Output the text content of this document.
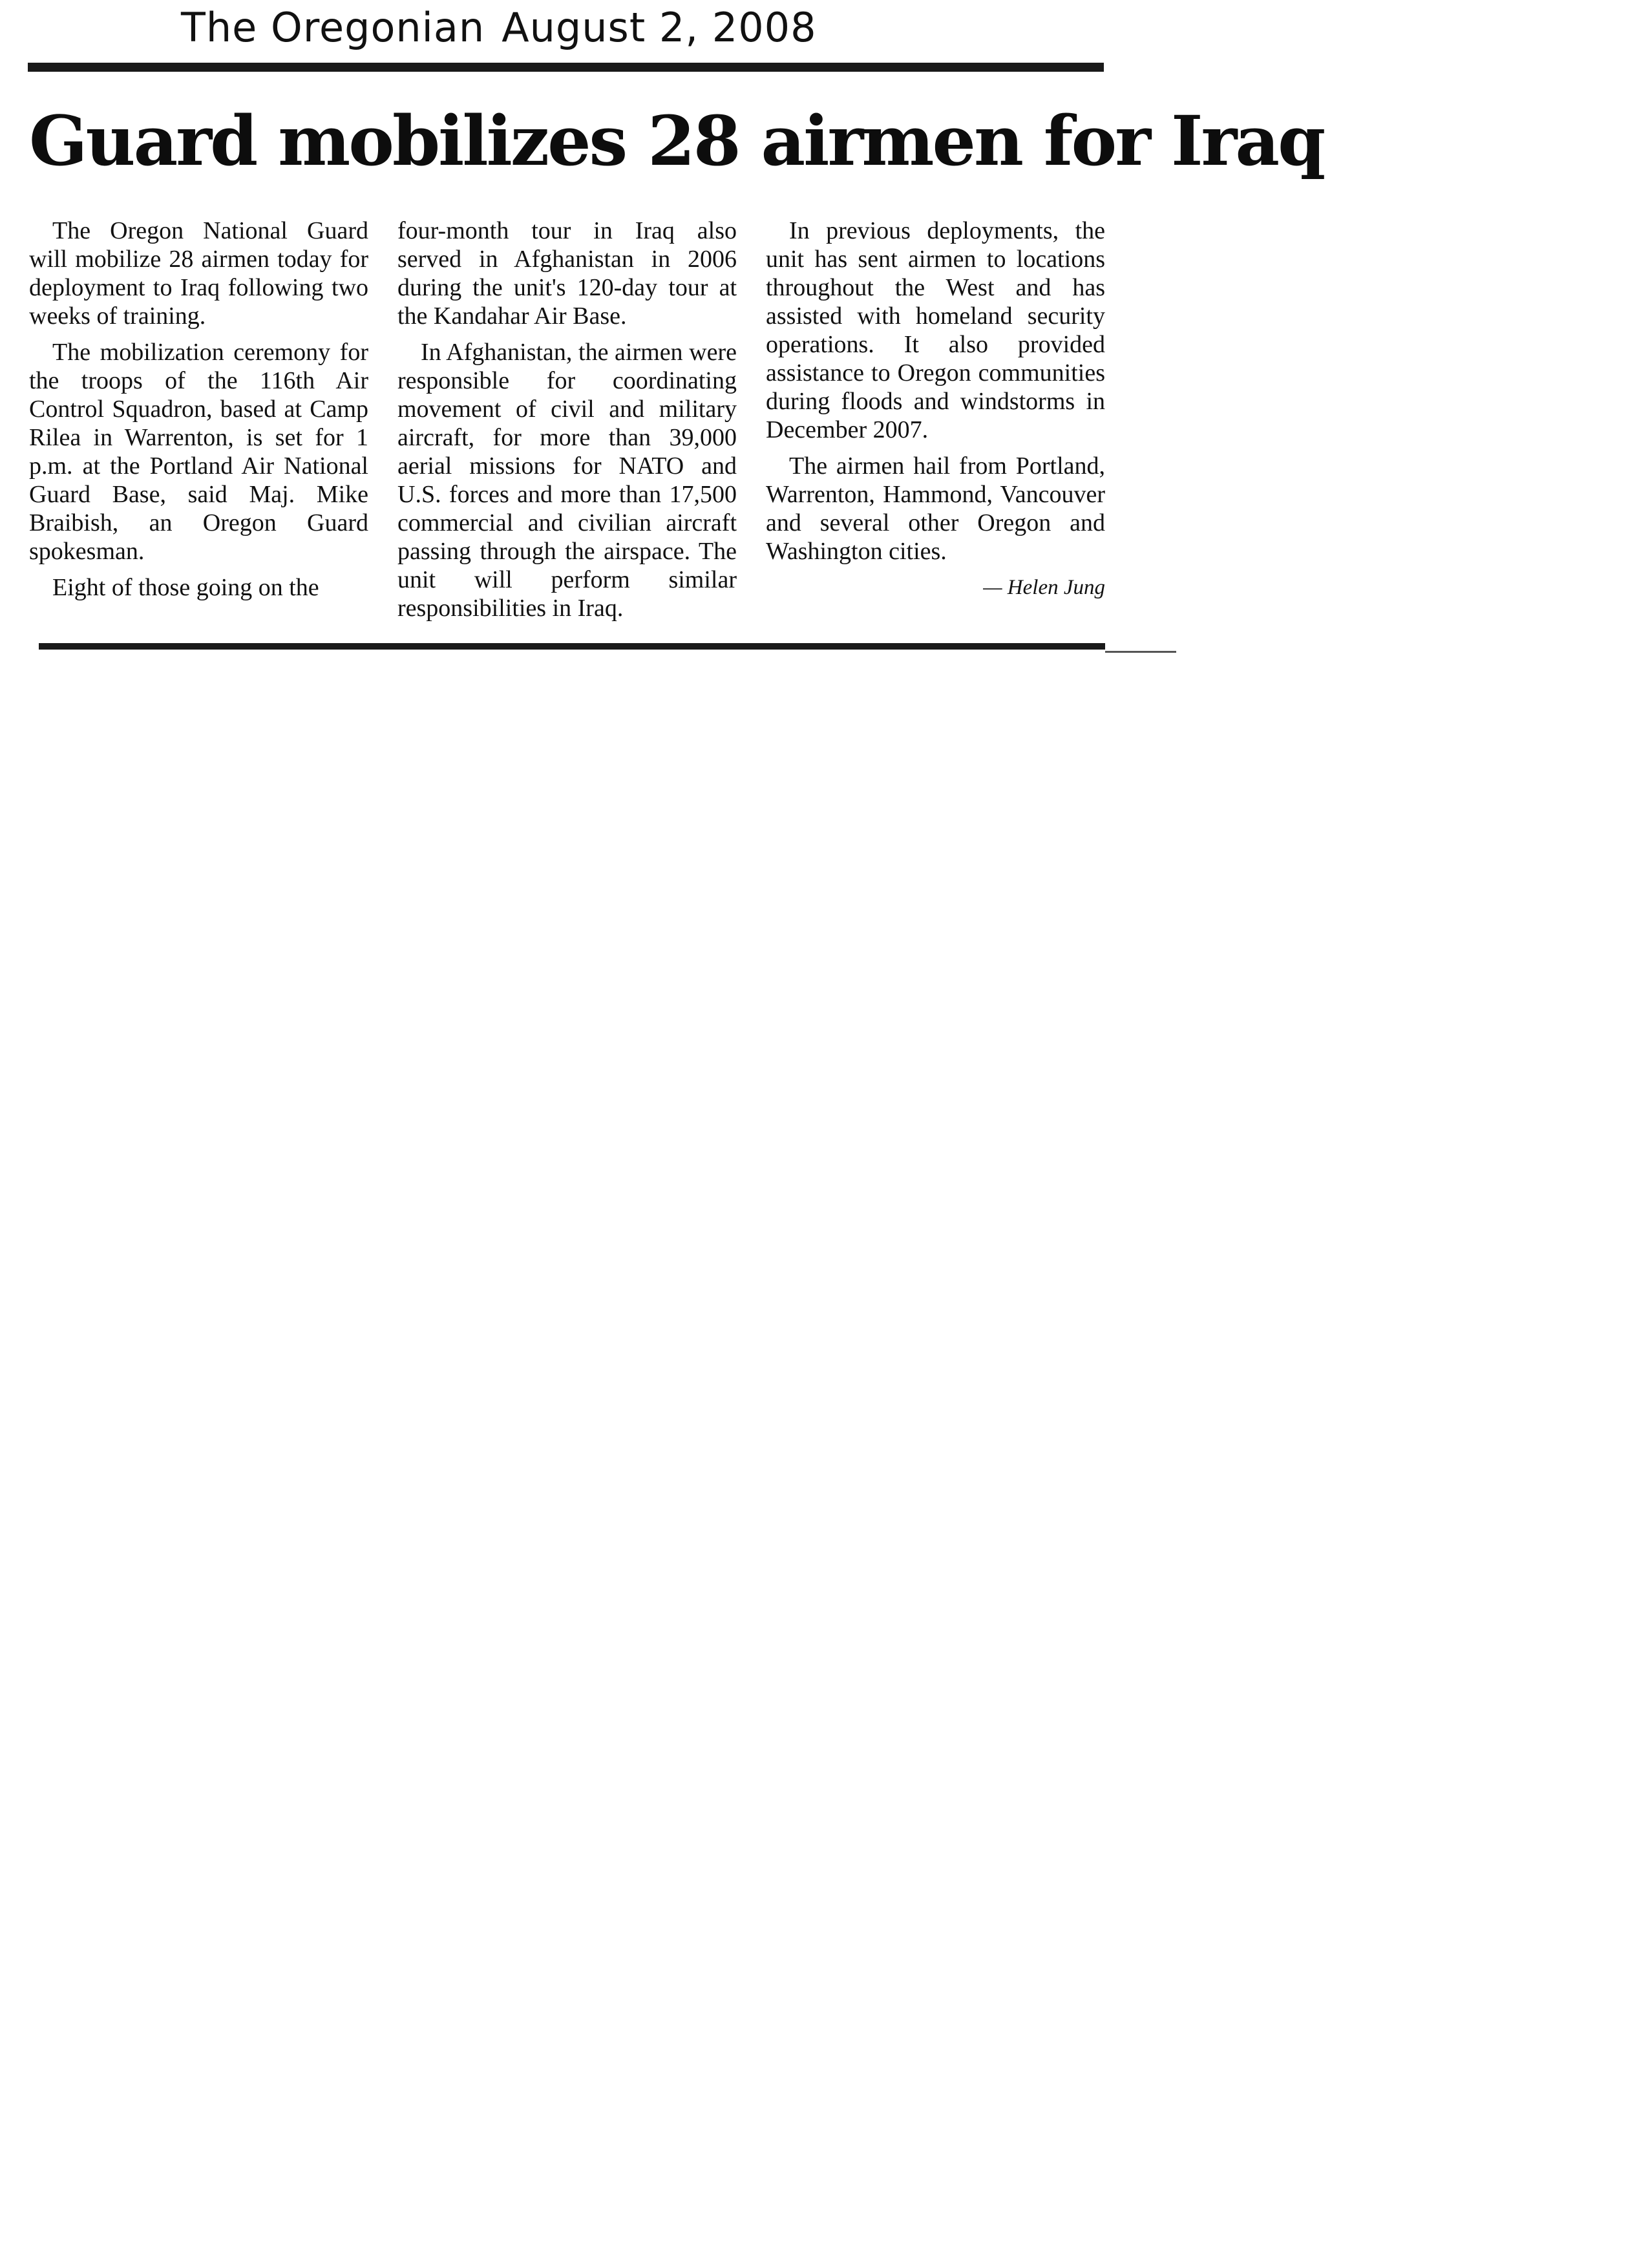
The Oregonian August 2, 2008
Guard mobilizes 28 airmen for Iraq

The Oregon National Guard will mobilize 28 airmen today for deployment to Iraq following two weeks of training.

The mobilization ceremony for the troops of the 116th Air Control Squadron, based at Camp Rilea in Warrenton, is set for 1 p.m. at the Portland Air National Guard Base, said Maj. Mike Braibish, an Oregon Guard spokesman.

Eight of those going on the

four-month tour in Iraq also served in Afghanistan in 2006 during the unit's 120-day tour at the Kandahar Air Base.

In Afghanistan, the airmen were responsible for coordinating movement of civil and military aircraft, for more than 39,000 aerial missions for NATO and U.S. forces and more than 17,500 commercial and civilian aircraft passing through the airspace. The unit will perform similar responsibilities in Iraq.

In previous deployments, the unit has sent airmen to locations throughout the West and has assisted with homeland security operations. It also provided assistance to Oregon communities during floods and windstorms in December 2007.

The airmen hail from Portland, Warrenton, Hammond, Vancouver and several other Oregon and Washington cities.

— Helen Jung
